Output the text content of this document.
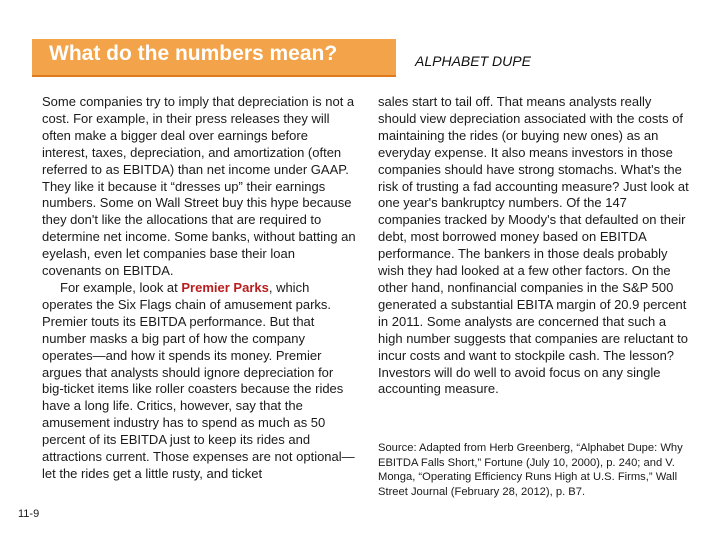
What do the numbers mean?	ALPHABET DUPE

Some companies try to imply that depreciation is not a cost. For example, in their press releases they will often make a bigger deal over earnings before interest, taxes, depreciation, and amortization (often referred to as EBITDA) than net income under GAAP. They like it because it “dresses up” their earnings numbers. Some on Wall Street buy this hype because they don't like the allocations that are required to determine net income. Some banks, without batting an eyelash, even let companies base their loan covenants on EBITDA.

For example, look at Premier Parks, which operates the Six Flags chain of amusement parks. Premier touts its EBITDA performance. But that number masks a big part of how the company operates—and how it spends its money. Premier argues that analysts should ignore depreciation for big-ticket items like roller coasters because the rides have a long life. Critics, however, say that the amusement industry has to spend as much as 50 percent of its EBITDA just to keep its rides and attractions current. Those expenses are not optional—let the rides get a little rusty, and ticket

sales start to tail off. That means analysts really should view depreciation associated with the costs of maintaining the rides (or buying new ones) as an everyday expense. It also means investors in those companies should have strong stomachs. What's the risk of trusting a fad accounting measure? Just look at one year's bankruptcy numbers. Of the 147 companies tracked by Moody's that defaulted on their debt, most borrowed money based on EBITDA performance. The bankers in those deals probably wish they had looked at a few other factors. On the other hand, nonfinancial companies in the S&P 500 generated a substantial EBITA margin of 20.9 percent in 2011. Some analysts are concerned that such a high number suggests that companies are reluctant to incur costs and want to stockpile cash. The lesson? Investors will do well to avoid focus on any single accounting measure.

Source: Adapted from Herb Greenberg, “Alphabet Dupe: Why EBITDA Falls Short,” Fortune (July 10, 2000), p. 240; and V. Monga, “Operating Efficiency Runs High at U.S. Firms,” Wall Street Journal (February 28, 2012), p. B7.
11-9
